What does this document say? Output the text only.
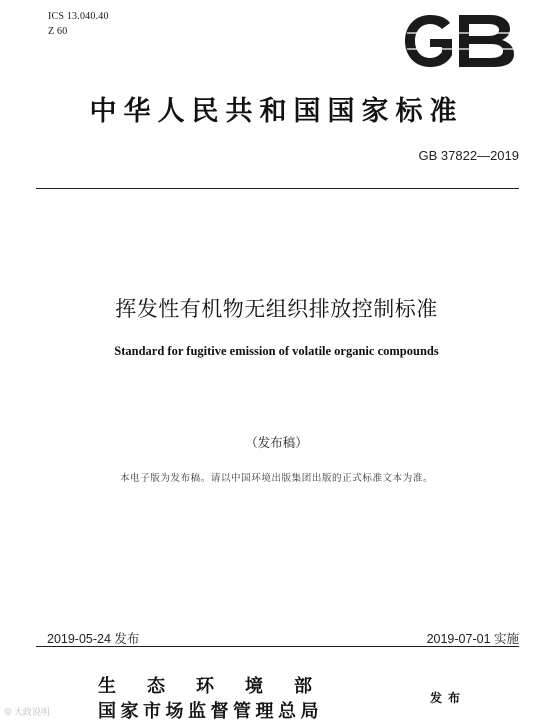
ICS 13.040.40
Z 60
中华人民共和国国家标准
GB 37822—2019
挥发性有机物无组织排放控制标准
Standard for fugitive emission of volatile organic compounds
（发布稿）
本电子版为发布稿。请以中国环境出版集团出版的正式标准文本为准。
2019-05-24 发布	2019-07-01 实施
生态环境部
国家市场监督管理总局
发布
◎ 大政说明
